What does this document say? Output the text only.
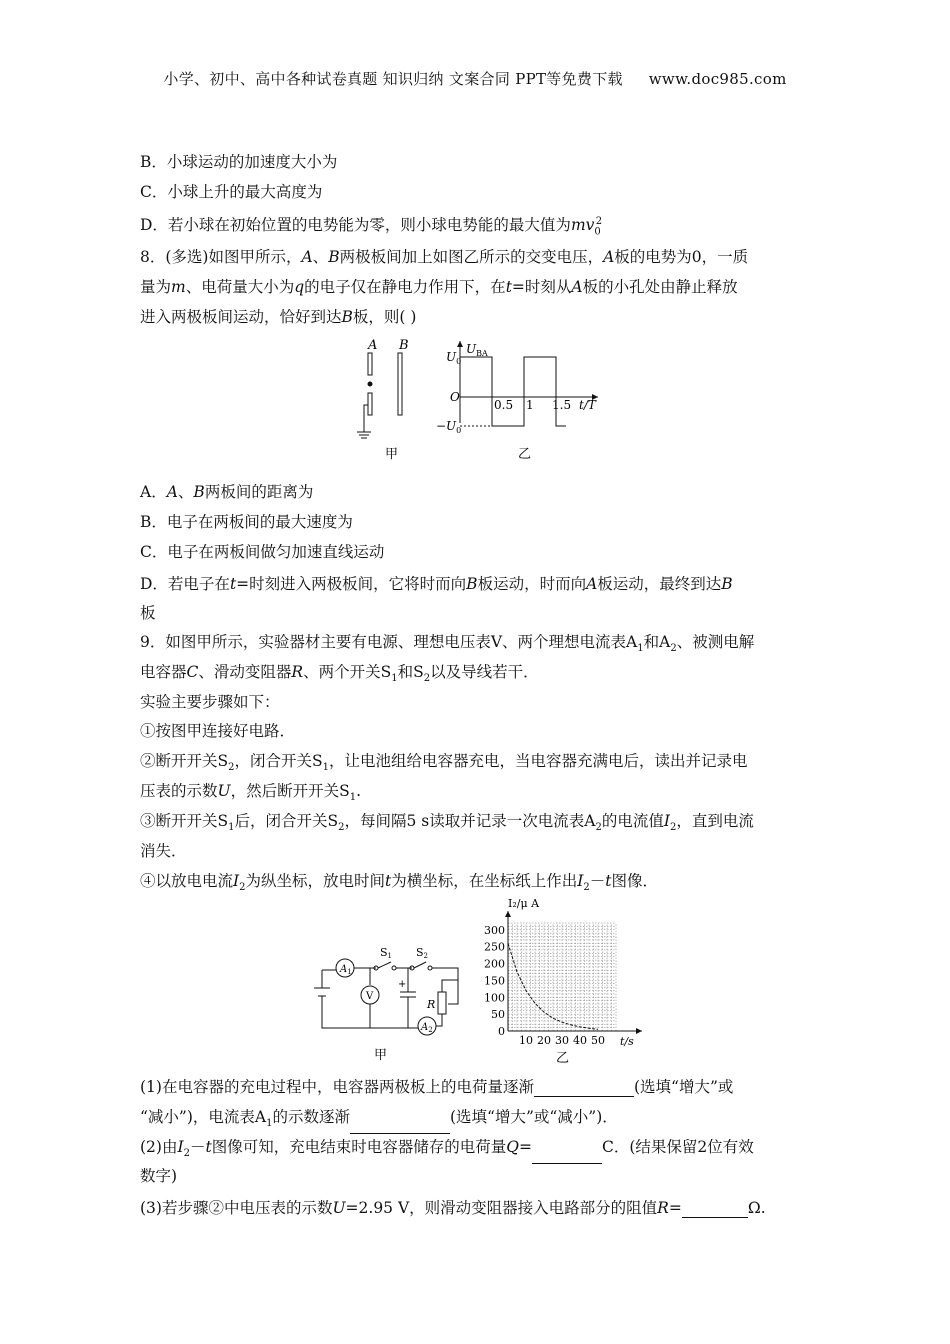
小学、初中、高中各种试卷真题 知识归纳 文案合同 PPT等免费下载 www.doc985.com
B．小球运动的加速度大小为
C．小球上升的最大高度为
D．若小球在初始位置的电势能为零，则小球电势能的最大值为$mv_0^2$
8．(多选)如图甲所示，A、B两极板间加上如图乙所示的交变电压，A板的电势为0，一质
量为m、电荷量大小为q的电子仅在静电力作用下，在t=时刻从A板的小孔处由静止释放
进入两极板间运动，恰好到达B板，则( )
A B
甲
$U_0$
$U_{BA}$
O
$-U_0$
0.5 1 1.5 t/T
乙
A．A、B两板间的距离为
B．电子在两板间的最大速度为
C．电子在两板间做匀加速直线运动
D．若电子在t=时刻进入两极板间，它将时而向B板运动，时而向A板运动，最终到达B
板
9．如图甲所示，实验器材主要有电源、理想电压表V、两个理想电流表$A_1$和$A_2$、被测电解
电容器C、滑动变阻器R、两个开关$S_1$和$S_2$以及导线若干．
实验主要步骤如下：
①按图甲连接好电路．
②断开开关$S_2$，闭合开关$S_1$，让电池组给电容器充电，当电容器充满电后，读出并记录电
压表的示数U，然后断开开关$S_1$.
③断开开关$S_1$后，闭合开关$S_2$，每间隔5 s读取并记录一次电流表$A_2$的电流值$I_2$，直到电流
消失．
④以放电电流$I_2$为纵坐标，放电时间t为横坐标，在坐标纸上作出$I_2-t$图像．
$A_1$
V
S1 S2
+
R
$A_2$
甲
0
50
100
150
200
250
300
10 20 30 40 50
I₂/μ A
t/s
乙
(1)在电容器的充电过程中，电容器两极板上的电荷量逐渐	(选填“增大”或
“减小”)，电流表$A_1$的示数逐渐	(选填“增大”或“减小”)．
(2)由$I_2-t$图像可知，充电结束时电容器储存的电荷量Q=	C．(结果保留2位有效
数字)
(3)若步骤②中电压表的示数U=2.95 V，则滑动变阻器接入电路部分的阻值R=	Ω.
